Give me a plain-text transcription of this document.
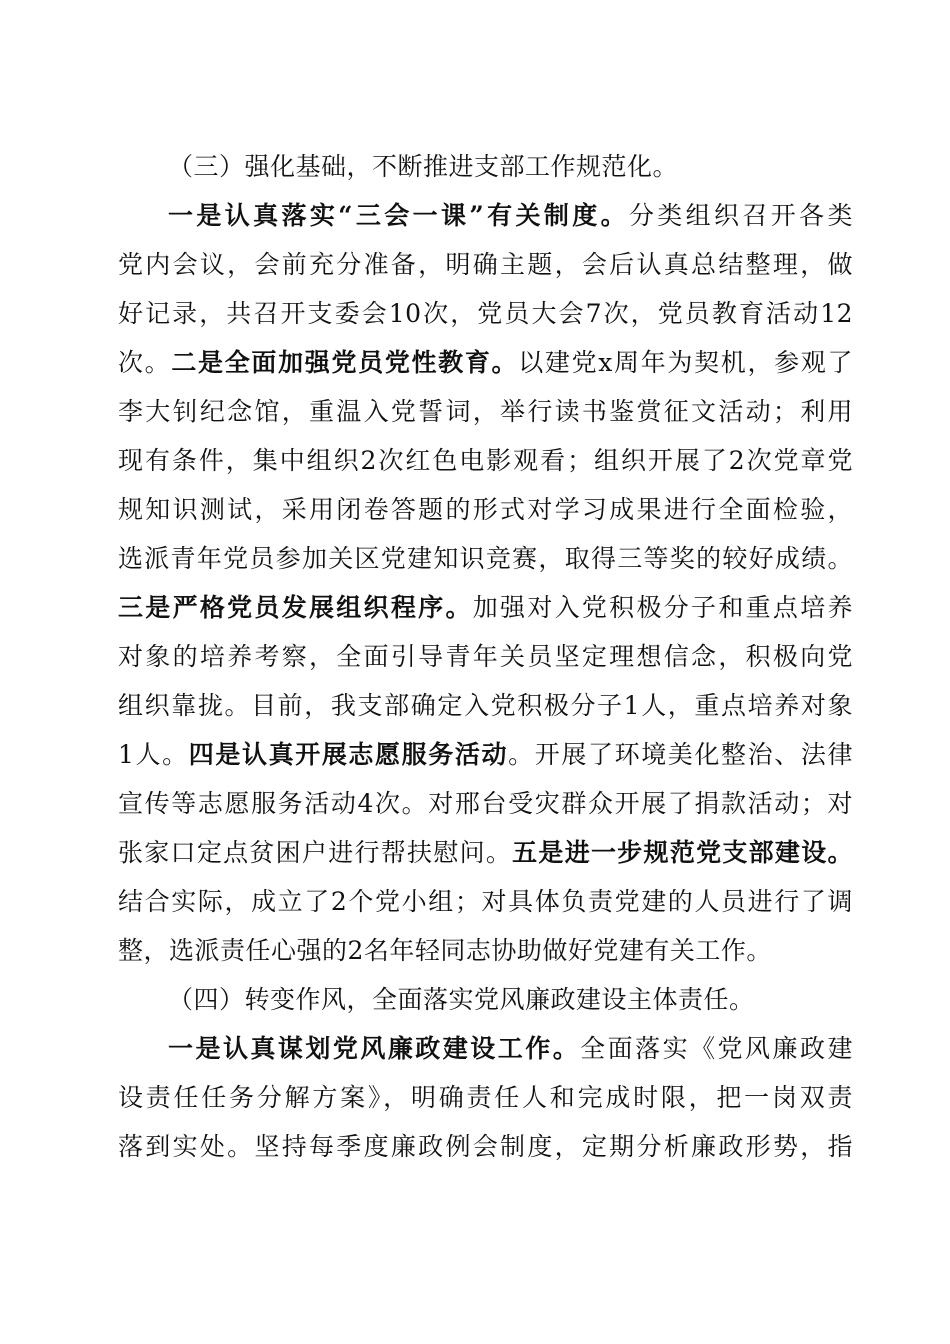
（三）强化基础，不断推进支部工作规范化。
一是认真落实“三会一课”有关制度。分类组织召开各类
党内会议，会前充分准备，明确主题，会后认真总结整理，做
好记录，共召开支委会10次，党员大会7次，党员教育活动12
次。二是全面加强党员党性教育。以建党x周年为契机，参观了
李大钊纪念馆，重温入党誓词，举行读书鉴赏征文活动；利用
现有条件，集中组织2次红色电影观看；组织开展了2次党章党
规知识测试，采用闭卷答题的形式对学习成果进行全面检验，
选派青年党员参加关区党建知识竞赛，取得三等奖的较好成绩。
三是严格党员发展组织程序。加强对入党积极分子和重点培养
对象的培养考察，全面引导青年关员坚定理想信念，积极向党
组织靠拢。目前，我支部确定入党积极分子1人，重点培养对象
1人。四是认真开展志愿服务活动。开展了环境美化整治、法律
宣传等志愿服务活动4次。对邢台受灾群众开展了捐款活动；对
张家口定点贫困户进行帮扶慰问。五是进一步规范党支部建设。
结合实际，成立了2个党小组；对具体负责党建的人员进行了调
整，选派责任心强的2名年轻同志协助做好党建有关工作。
（四）转变作风，全面落实党风廉政建设主体责任。
一是认真谋划党风廉政建设工作。全面落实《党风廉政建
设责任任务分解方案》，明确责任人和完成时限，把一岗双责
落到实处。坚持每季度廉政例会制度，定期分析廉政形势，指
